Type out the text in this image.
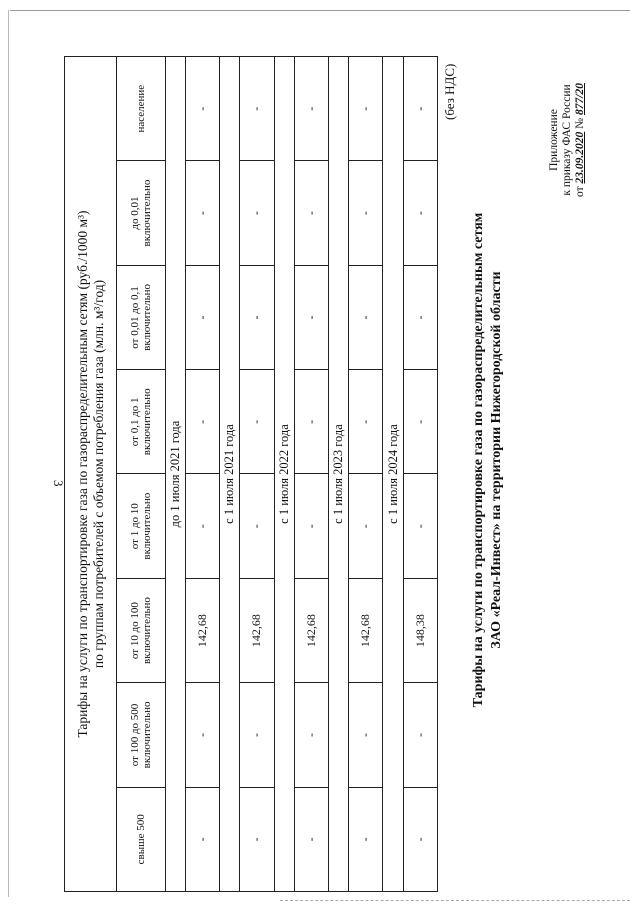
3
Приложение к приказу ФАС России от 23.09.2020 № 877/20
Тарифы на услуги по транспортировке газа по газораспределительным сетям ЗАО «Реал-Инвест» на территории Нижегородской области
(без НДС)
Тарифы на услуги по транспортировке газа по газораспределительным сетям (руб./1000 м³) по группам потребителей с объемом потребления газа (млн. м³/год)							

свыше 500	от 100 до 500 включительно	от 10 до 100 включительно	от 1 до 10 включительно	от 0,1 до 1 включительно	от 0,01 до 0,1 включительно	до 0,01 включительно	население
до 1 июля 2021 года							
-	-	142,68	-	-	-	-	-
с 1 июля 2021 года							
-	-	142,68	-	-	-	-	-
с 1 июля 2022 года							
-	-	142,68	-	-	-	-	-
с 1 июля 2023 года							
-	-	142,68	-	-	-	-	-
с 1 июля 2024 года							
-	-	148,38	-	-	-	-	-
